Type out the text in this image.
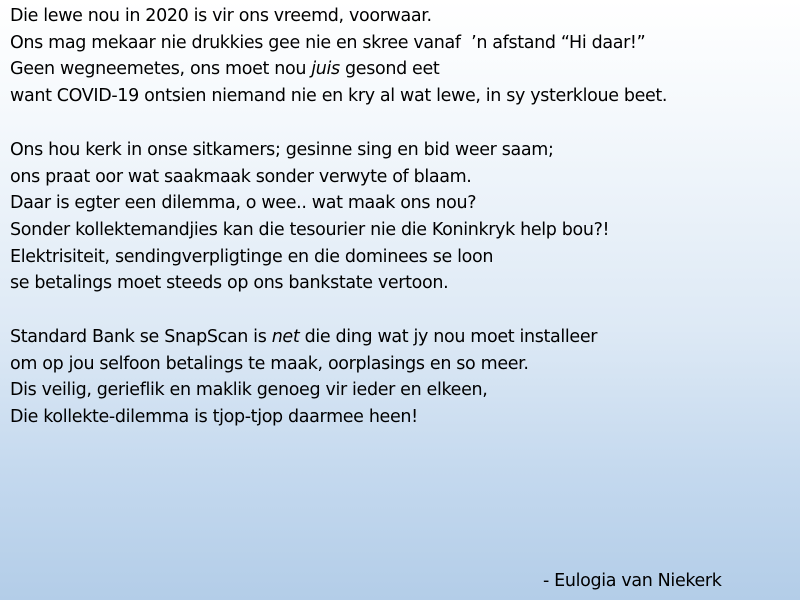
Die lewe nou in 2020 is vir ons vreemd, voorwaar.
Ons mag mekaar nie drukkies gee nie en skree vanaf  ’n afstand “Hi daar!”
Geen wegneemetes, ons moet nou juis gesond eet
want COVID-19 ontsien niemand nie en kry al wat lewe, in sy ysterkloue beet.
Ons hou kerk in onse sitkamers; gesinne sing en bid weer saam;
ons praat oor wat saakmaak sonder verwyte of blaam.
Daar is egter een dilemma, o wee.. wat maak ons nou?
Sonder kollektemandjies kan die tesourier nie die Koninkryk help bou?!
Elektrisiteit, sendingverpligtinge en die dominees se loon
se betalings moet steeds op ons bankstate vertoon.
Standard Bank se SnapScan is net die ding wat jy nou moet installeer
om op jou selfoon betalings te maak, oorplasings en so meer.
Dis veilig, gerieflik en maklik genoeg vir ieder en elkeen,
Die kollekte-dilemma is tjop-tjop daarmee heen!
- Eulogia van Niekerk
